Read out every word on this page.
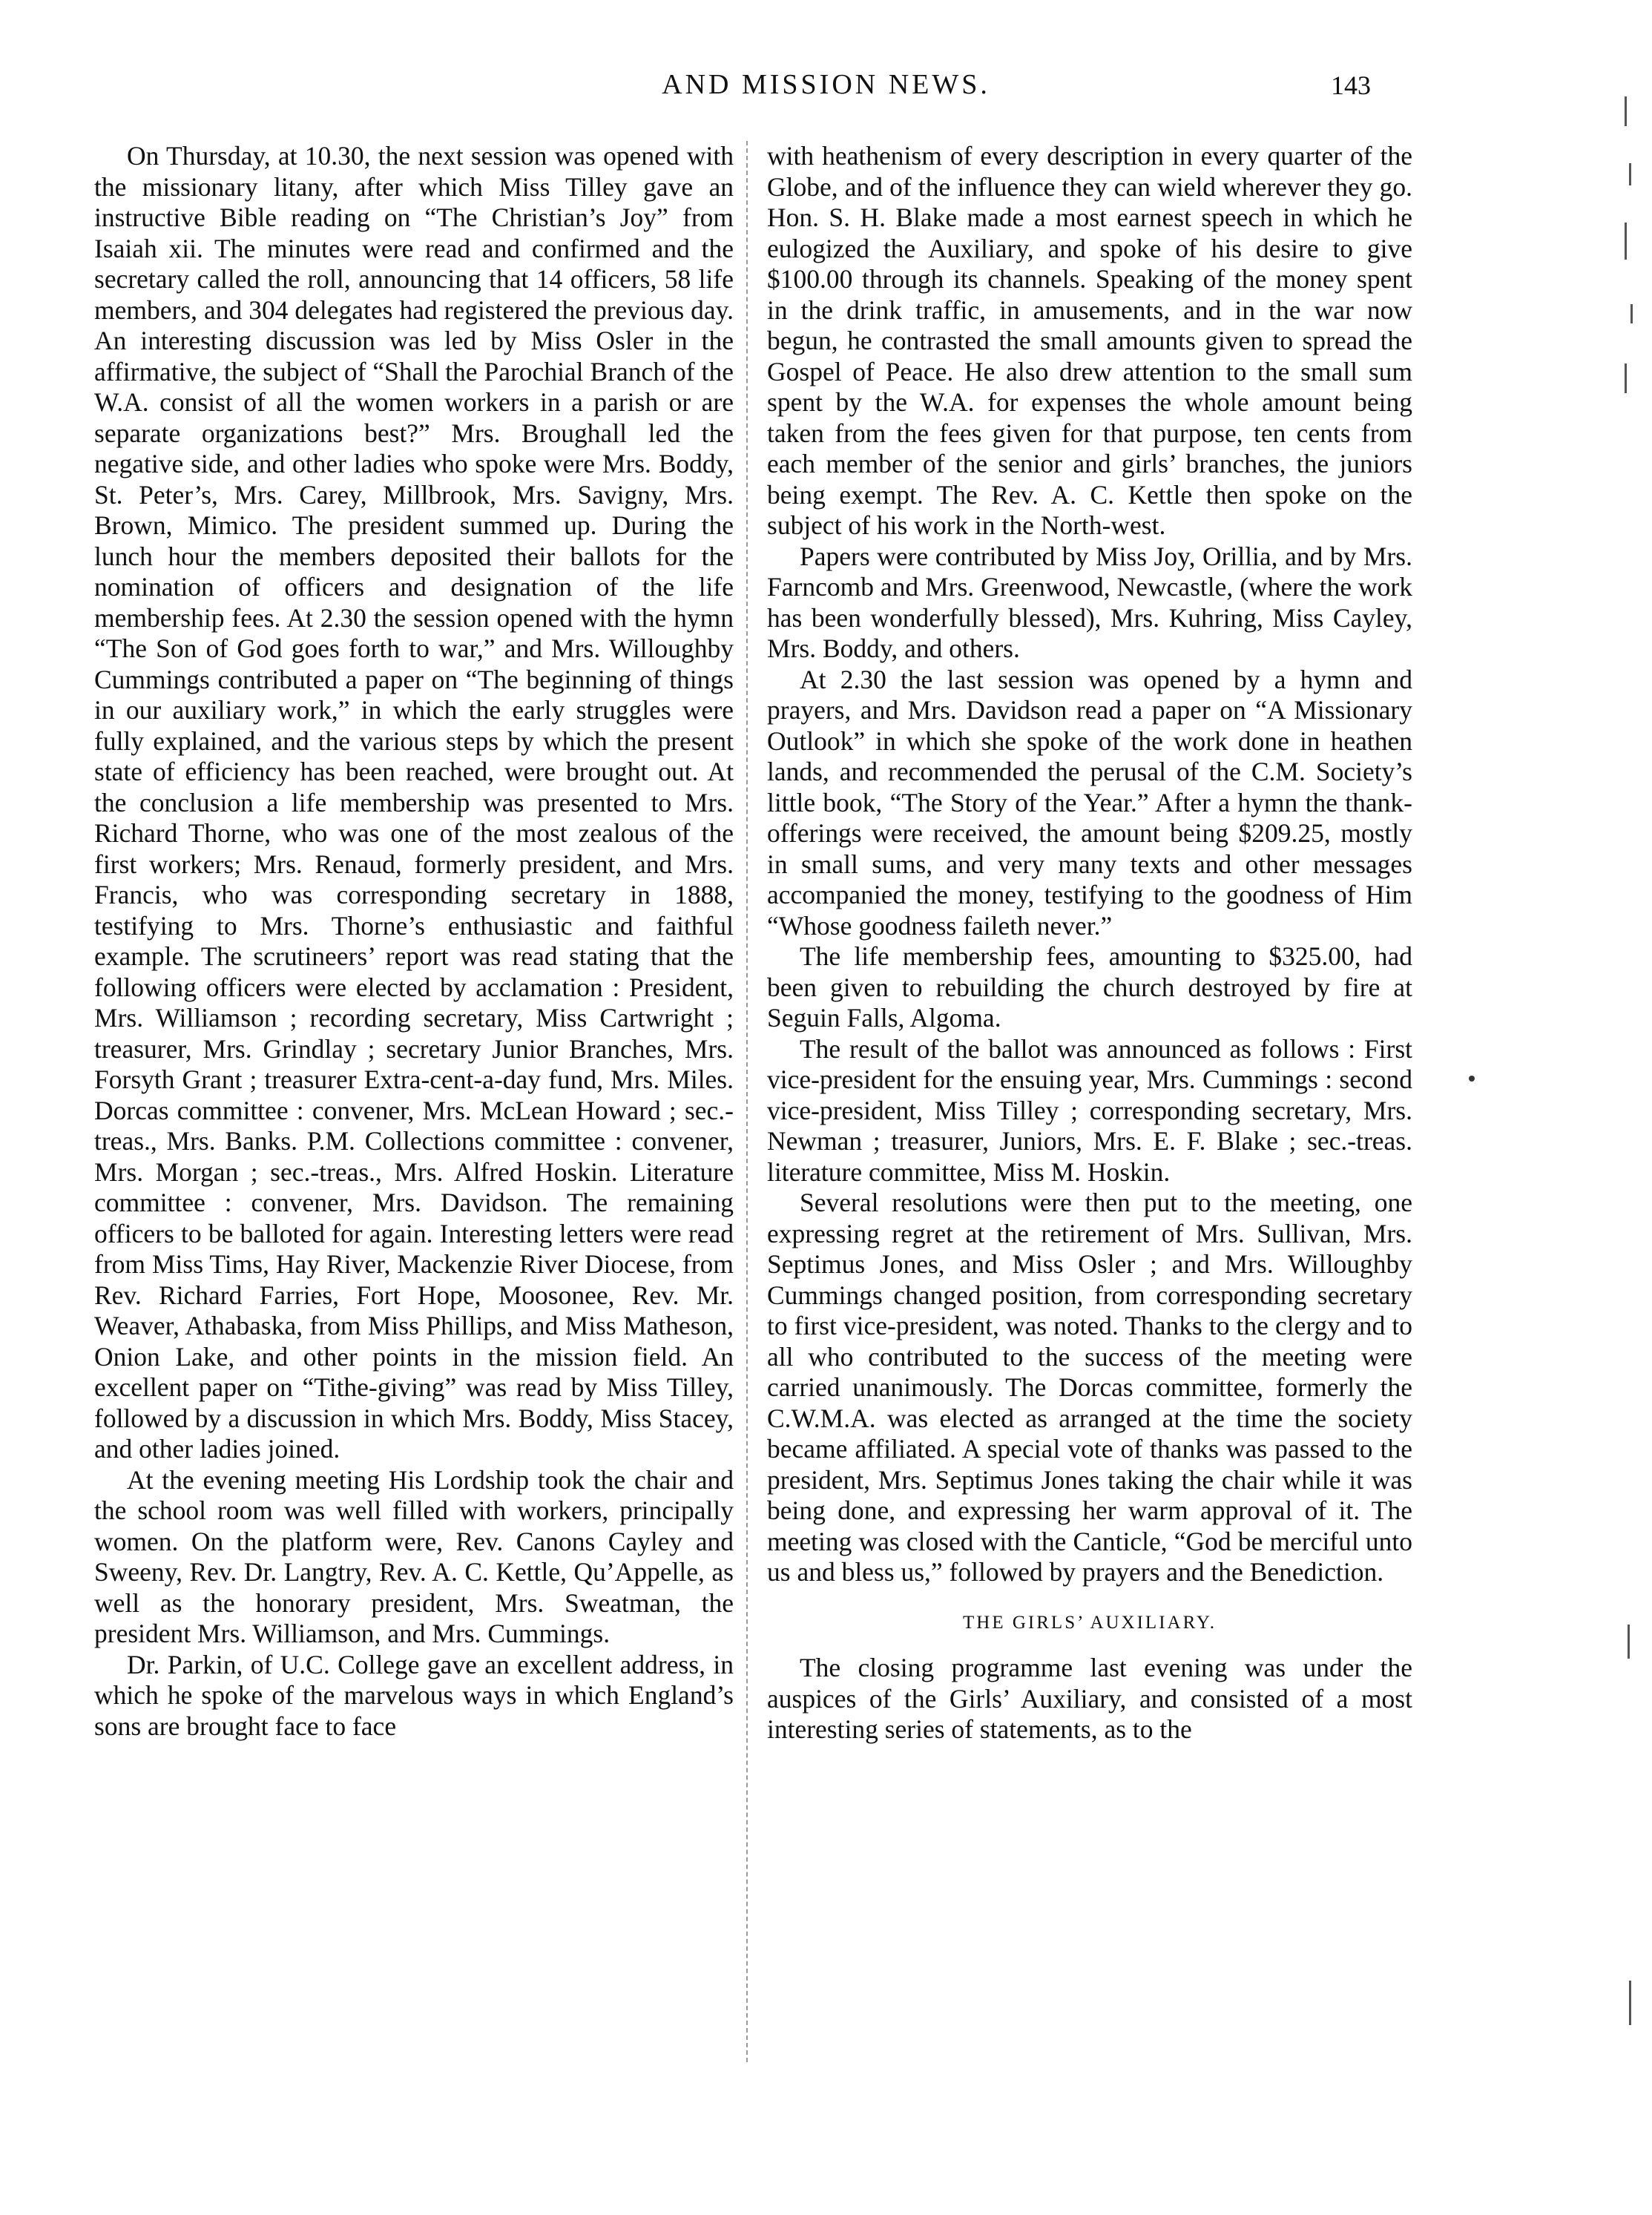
AND MISSION NEWS.	143

On Thursday, at 10.30, the next session was opened with the missionary litany, after which Miss Tilley gave an instructive Bible reading on “The Christian’s Joy” from Isaiah xii. The minutes were read and confirmed and the secretary called the roll, announcing that 14 officers, 58 life members, and 304 delegates had registered the previous day. An interesting discussion was led by Miss Osler in the affirmative, the subject of “Shall the Parochial Branch of the W.A. consist of all the women workers in a parish or are separate organizations best?” Mrs. Broughall led the negative side, and other ladies who spoke were Mrs. Boddy, St. Peter’s, Mrs. Carey, Millbrook, Mrs. Savigny, Mrs. Brown, Mimico. The president summed up. During the lunch hour the members deposited their ballots for the nomination of officers and designation of the life membership fees. At 2.30 the session opened with the hymn “The Son of God goes forth to war,” and Mrs. Willoughby Cummings contributed a paper on “The beginning of things in our auxiliary work,” in which the early struggles were fully explained, and the various steps by which the present state of efficiency has been reached, were brought out. At the conclusion a life membership was presented to Mrs. Richard Thorne, who was one of the most zealous of the first workers; Mrs. Renaud, formerly president, and Mrs. Francis, who was corresponding secretary in 1888, testifying to Mrs. Thorne’s enthusiastic and faithful example. The scrutineers’ report was read stating that the following officers were elected by acclamation : President, Mrs. Williamson ; recording secretary, Miss Cartwright ; treasurer, Mrs. Grindlay ; secretary Junior Branches, Mrs. Forsyth Grant ; treasurer Extra-cent-a-day fund, Mrs. Miles. Dorcas committee : convener, Mrs. McLean Howard ; sec.-treas., Mrs. Banks. P.M. Collections committee : convener, Mrs. Morgan ; sec.-treas., Mrs. Alfred Hoskin. Literature committee : convener, Mrs. Davidson. The remaining officers to be balloted for again. Interesting letters were read from Miss Tims, Hay River, Mackenzie River Diocese, from Rev. Richard Farries, Fort Hope, Moosonee, Rev. Mr. Weaver, Athabaska, from Miss Phillips, and Miss Matheson, Onion Lake, and other points in the mission field. An excellent paper on “Tithe-giving” was read by Miss Tilley, followed by a discussion in which Mrs. Boddy, Miss Stacey, and other ladies joined.

At the evening meeting His Lordship took the chair and the school room was well filled with workers, principally women. On the platform were, Rev. Canons Cayley and Sweeny, Rev. Dr. Langtry, Rev. A. C. Kettle, Qu’Appelle, as well as the honorary president, Mrs. Sweatman, the president Mrs. Williamson, and Mrs. Cummings.

Dr. Parkin, of U.C. College gave an excellent address, in which he spoke of the marvelous ways in which England’s sons are brought face to face

with heathenism of every description in every quarter of the Globe, and of the influence they can wield wherever they go. Hon. S. H. Blake made a most earnest speech in which he eulogized the Auxiliary, and spoke of his desire to give $100.00 through its channels. Speaking of the money spent in the drink traffic, in amusements, and in the war now begun, he contrasted the small amounts given to spread the Gospel of Peace. He also drew attention to the small sum spent by the W.A. for expenses the whole amount being taken from the fees given for that purpose, ten cents from each member of the senior and girls’ branches, the juniors being exempt. The Rev. A. C. Kettle then spoke on the subject of his work in the North-west.

Papers were contributed by Miss Joy, Orillia, and by Mrs. Farncomb and Mrs. Greenwood, Newcastle, (where the work has been wonderfully blessed), Mrs. Kuhring, Miss Cayley, Mrs. Boddy, and others.

At 2.30 the last session was opened by a hymn and prayers, and Mrs. Davidson read a paper on “A Missionary Outlook” in which she spoke of the work done in heathen lands, and recommended the perusal of the C.M. Society’s little book, “The Story of the Year.” After a hymn the thank-offerings were received, the amount being $209.25, mostly in small sums, and very many texts and other messages accompanied the money, testifying to the goodness of Him “Whose goodness faileth never.”

The life membership fees, amounting to $325.00, had been given to rebuilding the church destroyed by fire at Seguin Falls, Algoma.

The result of the ballot was announced as follows : First vice-president for the ensuing year, Mrs. Cummings : second vice-president, Miss Tilley ; corresponding secretary, Mrs. Newman ; treasurer, Juniors, Mrs. E. F. Blake ; sec.-treas. literature committee, Miss M. Hoskin.

Several resolutions were then put to the meeting, one expressing regret at the retirement of Mrs. Sullivan, Mrs. Septimus Jones, and Miss Osler ; and Mrs. Willoughby Cummings changed position, from corresponding secretary to first vice-president, was noted. Thanks to the clergy and to all who contributed to the success of the meeting were carried unanimously. The Dorcas committee, formerly the C.W.M.A. was elected as arranged at the time the society became affiliated. A special vote of thanks was passed to the president, Mrs. Septimus Jones taking the chair while it was being done, and expressing her warm approval of it. The meeting was closed with the Canticle, “God be merciful unto us and bless us,” followed by prayers and the Benediction.

THE GIRLS’ AUXILIARY.

The closing programme last evening was under the auspices of the Girls’ Auxiliary, and consisted of a most interesting series of statements, as to the
